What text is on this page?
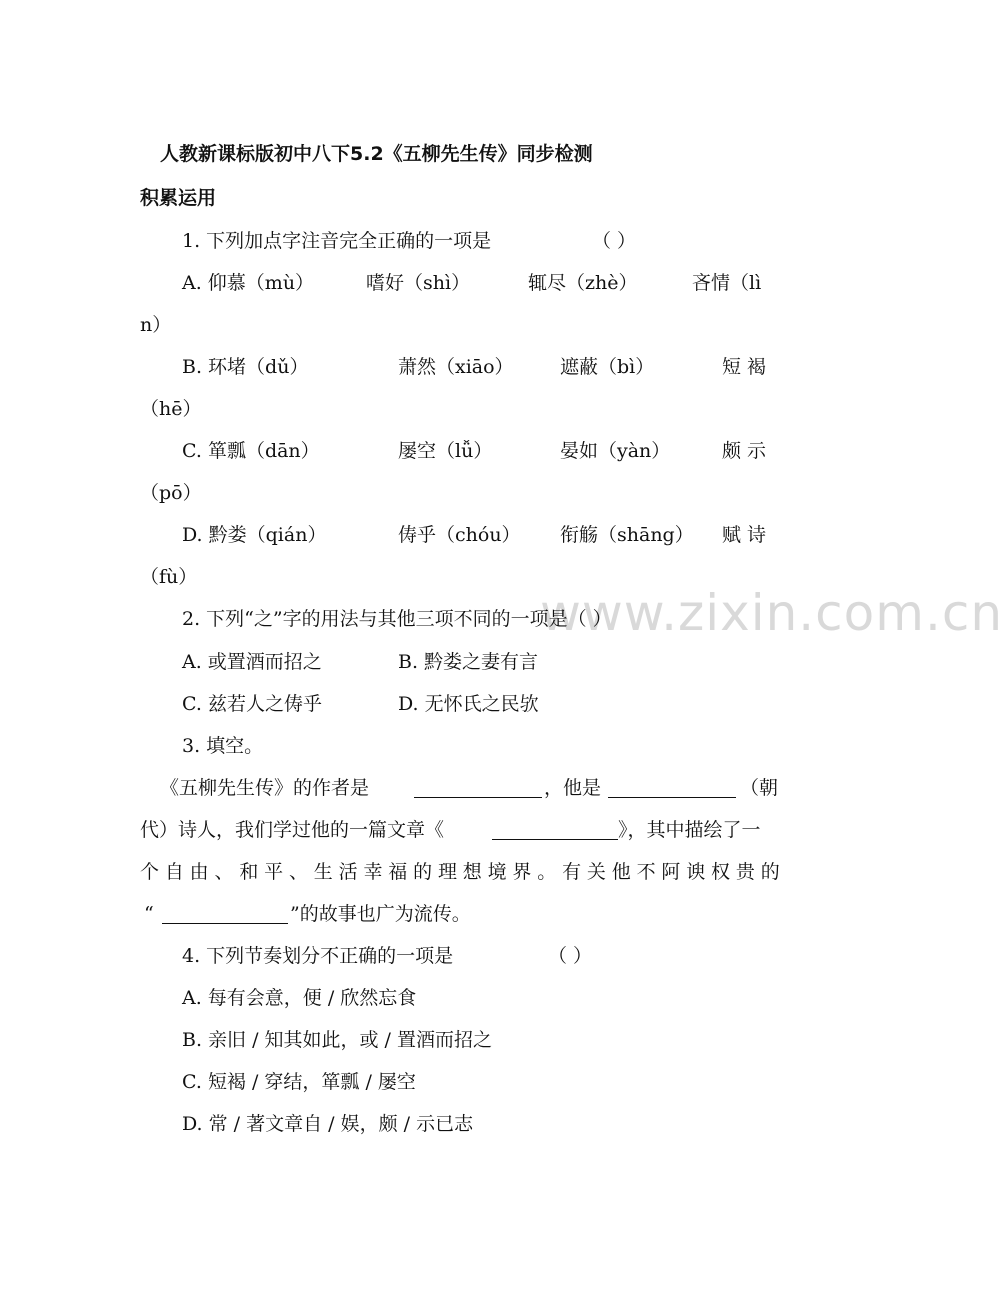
www.zixin.com.cn
人教新课标版初中八下5.2《五柳先生传》同步检测
积累运用
1. 下列加点字注音完全正确的一项是	（ ）
A. 仰慕（mù）	嗜好（shì）	辄尽（zhè）	吝情（lì
n）
B. 环堵（dǔ）	萧然（xiāo） 遮蔽（bì）	短 褐
（hē）
C. 箪瓢（dān）	屡空（lǚ）	晏如（yàn）	颇 示
（pō）
D. 黔娄（qián）	俦乎（chóu） 衔觞（shāng） 赋 诗
（fù）
2. 下列“之”字的用法与其他三项不同的一项是（ ）
A. 或置酒而招之	B. 黔娄之妻有言
C. 兹若人之俦乎	D. 无怀氏之民欤
3. 填空。
《五柳先生传》的作者是	，他是	（朝
代）诗人，我们学过他的一篇文章《	》，其中描绘了一
个 自 由 、 和 平 、 生 活 幸 福 的 理 想 境 界 。 有 关 他 不 阿 谀 权 贵 的
“	”的故事也广为流传。
4. 下列节奏划分不正确的一项是	（ ）
A. 每有会意，便 / 欣然忘食
B. 亲旧 / 知其如此，或 / 置酒而招之
C. 短褐 / 穿结，箪瓢 / 屡空
D. 常 / 著文章自 / 娱，颇 / 示已志
